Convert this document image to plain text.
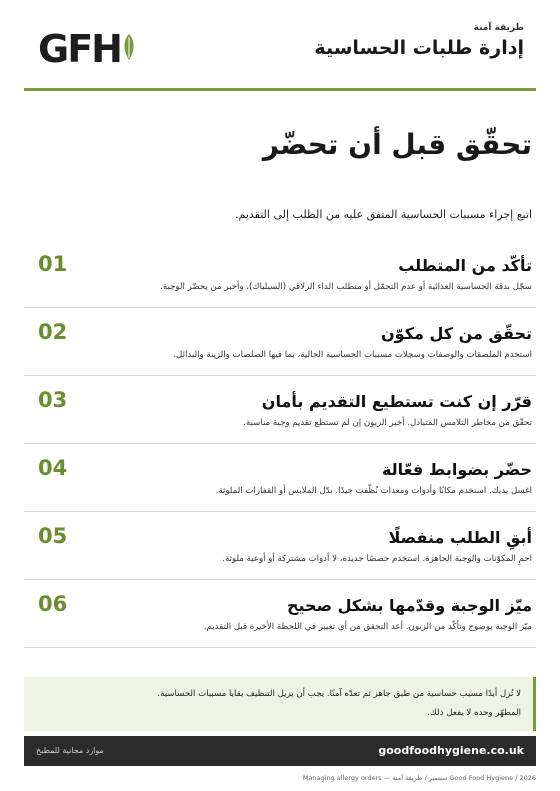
GFH	طريقة آمنة
إدارة طلبات الحساسية
تحقّق قبل أن تحضّر

اتبع إجراء مسببات الحساسية المتفق عليه من الطلب إلى التقديم.

01	تأكّد من المتطلب

سجّل بدقة الحساسية الغذائية أو عدم التحمّل أو متطلب الداء الزلاقي (السيلياك)، وأخبر من يحضّر الوجبة.

02	تحقّق من كل مكوّن

استخدم الملصقات والوصفات وسجلات مسببات الحساسية الحالية، بما فيها الصلصات والزينة والبدائل.

03	قرّر إن كنت تستطيع التقديم بأمان

تحقّق من مخاطر التلامس المتبادل. أخبر الزبون إن لم تستطع تقديم وجبة مناسبة.

04	حضّر بضوابط فعّالة

اغسل يديك. استخدم مكانًا وأدوات ومعدات نُظّفت جيدًا. بدّل الملابس أو القفازات الملوثة.

05	أبقِ الطلب منفصلًا

احمِ المكوّنات والوجبة الجاهزة. استخدم حصصًا جديدة، لا أدوات مشتركة أو أوعية ملوثة.

06	ميّز الوجبة وقدّمها بشكل صحيح

ميّز الوجبة بوضوح وتأكّد من الزبون. أعد التحقق من أي تغيير في اللحظة الأخيرة قبل التقديم.

لا تُزل أبدًا مسبب حساسية من طبق جاهز ثم تعدّه آمنًا. يجب أن يزيل التنظيف بقايا مسببات الحساسية.

المطهّر وحده لا يفعل ذلك.

goodfoodhygiene.co.uk
موارد مجانية للمطبخ
Good Food Hygiene / 2026 سبتمبر / طريقة آمنة — Managing allergy orders
